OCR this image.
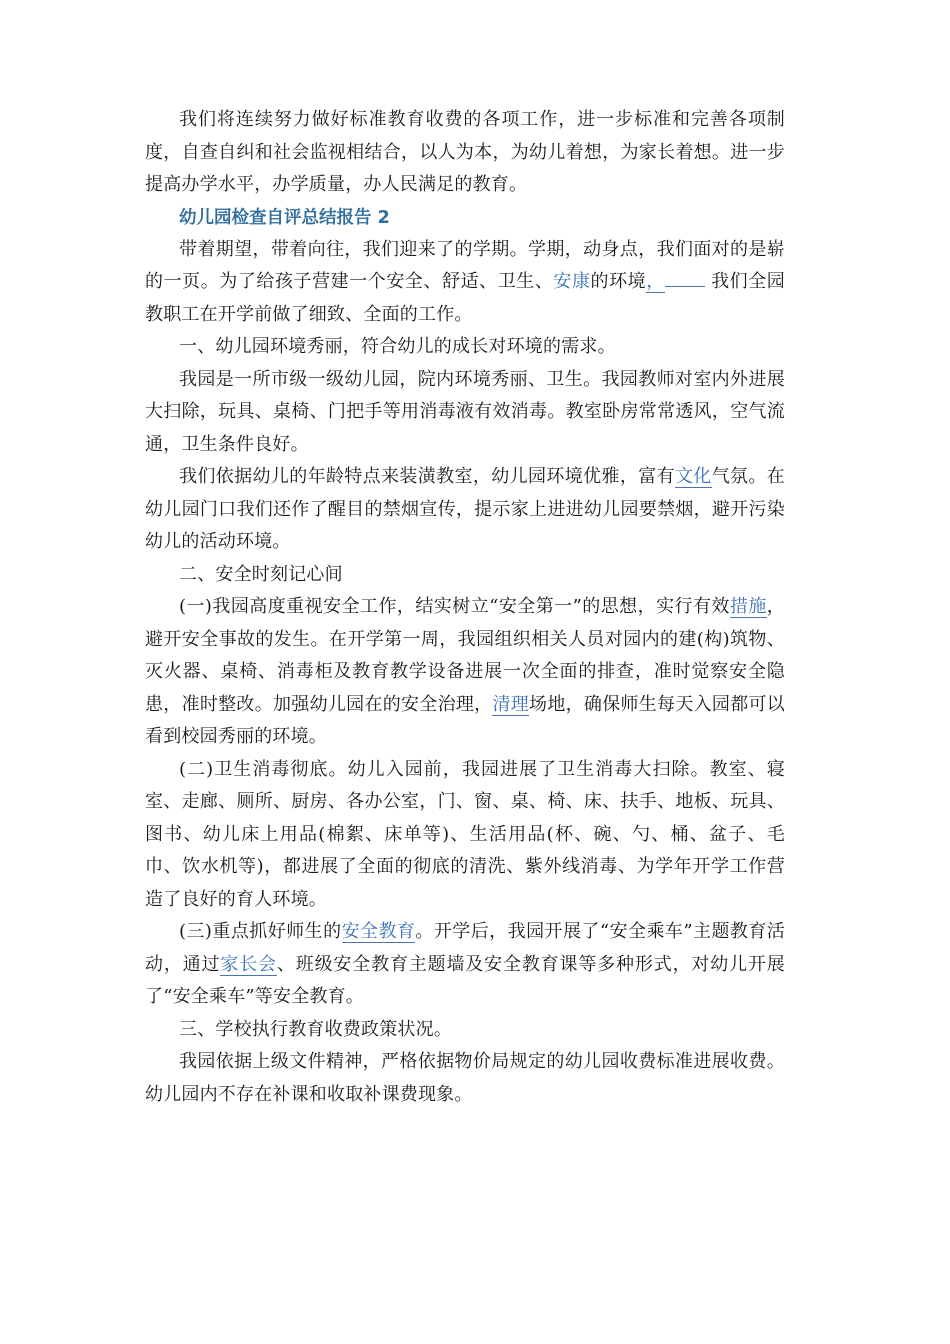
我们将连续努力做好标准教育收费的各项工作，进一步标准和完善各项制度，自查自纠和社会监视相结合，以人为本，为幼儿着想，为家长着想。进一步提高办学水平，办学质量，办人民满足的教育。

幼儿园检查自评总结报告 2

带着期望，带着向往，我们迎来了的学期。学期，动身点，我们面对的是崭的一页。为了给孩子营建一个安全、舒适、卫生、安康的环境， 我们全园教职工在开学前做了细致、全面的工作。

一、幼儿园环境秀丽，符合幼儿的成长对环境的需求。

我园是一所市级一级幼儿园，院内环境秀丽、卫生。我园教师对室内外进展大扫除，玩具、桌椅、门把手等用消毒液有效消毒。教室卧房常常透风，空气流通，卫生条件良好。

我们依据幼儿的年龄特点来装潢教室，幼儿园环境优雅，富有文化气氛。在幼儿园门口我们还作了醒目的禁烟宣传，提示家上进进幼儿园要禁烟，避开污染幼儿的活动环境。

二、安全时刻记心间

(一)我园高度重视安全工作，结实树立“安全第一”的思想，实行有效措施，避开安全事故的发生。在开学第一周，我园组织相关人员对园内的建(构)筑物、灭火器、桌椅、消毒柜及教育教学设备进展一次全面的排查，准时觉察安全隐患，准时整改。加强幼儿园在的安全治理，清理场地，确保师生每天入园都可以看到校园秀丽的环境。

(二)卫生消毒彻底。幼儿入园前，我园进展了卫生消毒大扫除。教室、寝室、走廊、厕所、厨房、各办公室，门、窗、桌、椅、床、扶手、地板、玩具、图书、幼儿床上用品(棉絮、床单等)、生活用品(杯、碗、勺、桶、盆子、毛巾、饮水机等)，都进展了全面的彻底的清洗、紫外线消毒、为学年开学工作营造了良好的育人环境。

(三)重点抓好师生的安全教育。开学后，我园开展了“安全乘车”主题教育活动，通过家长会、班级安全教育主题墙及安全教育课等多种形式，对幼儿开展了“安全乘车”等安全教育。

三、学校执行教育收费政策状况。

我园依据上级文件精神，严格依据物价局规定的幼儿园收费标准进展收费。幼儿园内不存在补课和收取补课费现象。
